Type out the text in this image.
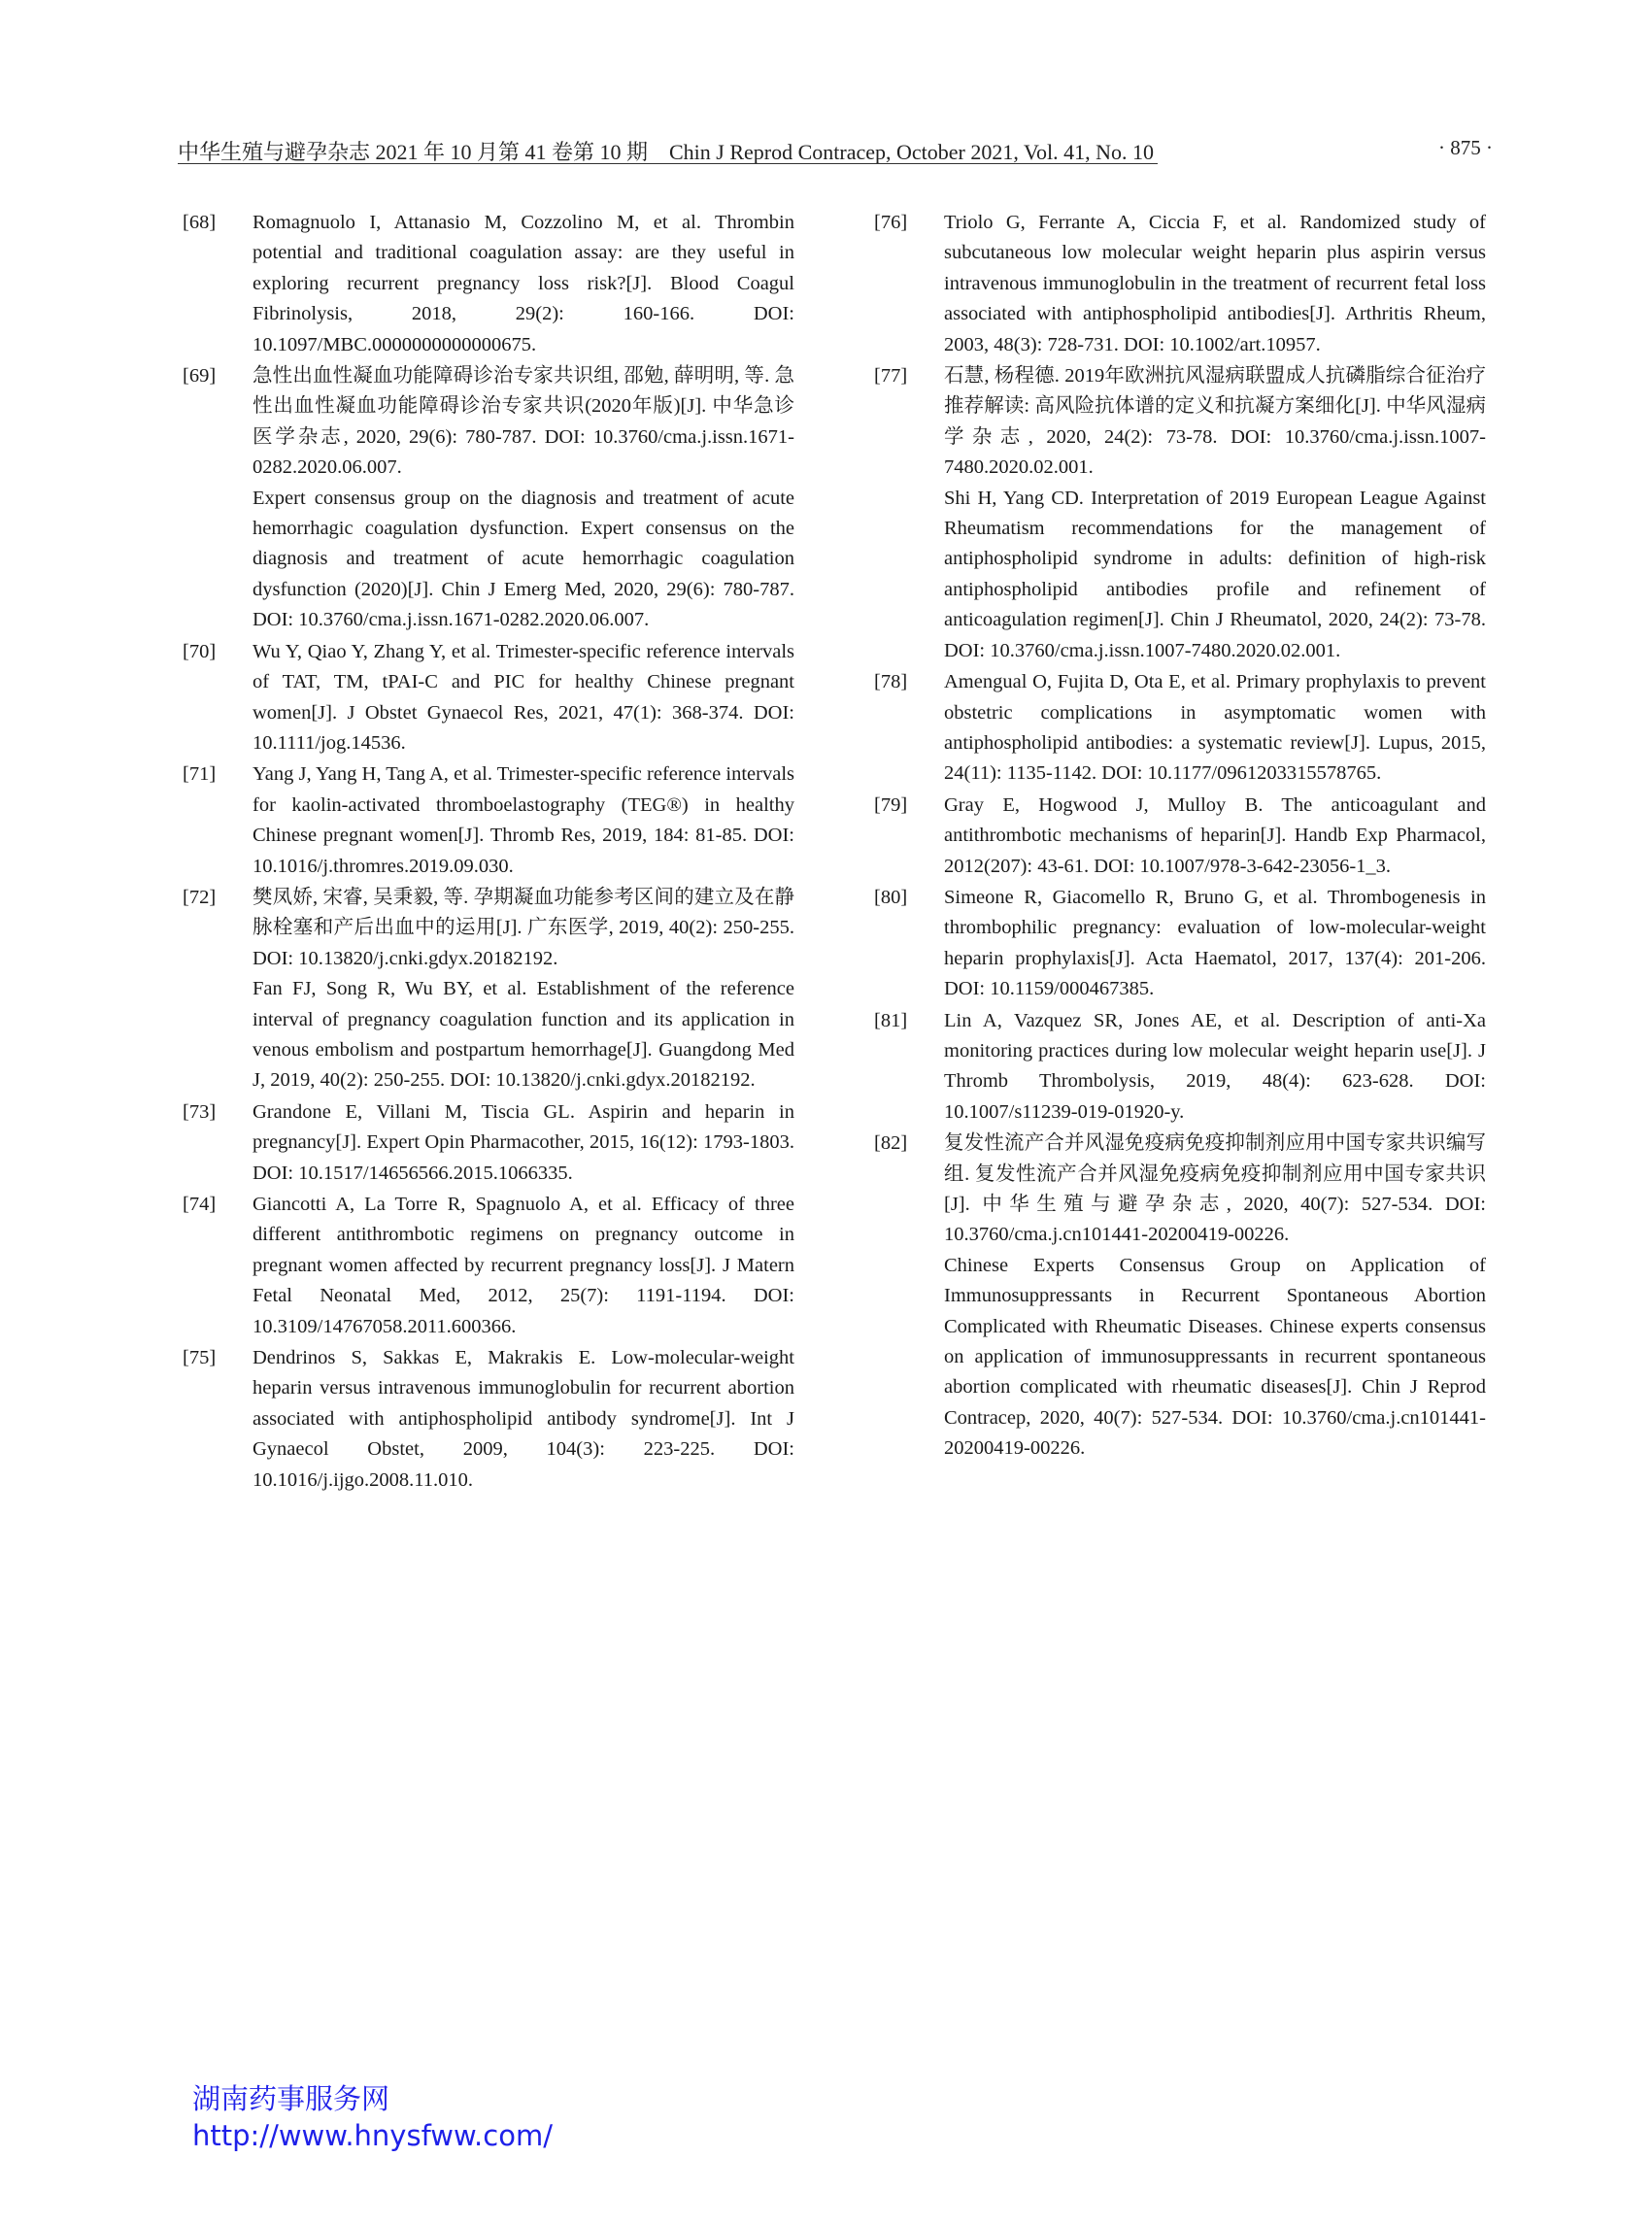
中华生殖与避孕杂志 2021 年 10 月第 41 卷第 10 期　Chin J Reprod Contracep, October 2021, Vol. 41, No. 10	· 875 ·
[68]	Romagnuolo I, Attanasio M, Cozzolino M, et al. Thrombin potential and traditional coagulation assay: are they useful in exploring recurrent pregnancy loss risk?[J]. Blood Coagul Fibrinolysis, 2018, 29(2): 160-166. DOI: 10.1097/MBC.0000000000000675.

[69]	急性出血性凝血功能障碍诊治专家共识组, 邵勉, 薛明明, 等. 急性出血性凝血功能障碍诊治专家共识(2020年版)[J]. 中华急诊医学杂志, 2020, 29(6): 780-787. DOI: 10.3760/cma.j.issn.1671-0282.2020.06.007.

Expert consensus group on the diagnosis and treatment of acute hemorrhagic coagulation dysfunction. Expert consensus on the diagnosis and treatment of acute hemorrhagic coagulation dysfunction (2020)[J]. Chin J Emerg Med, 2020, 29(6): 780-787. DOI: 10.3760/cma.j.issn.1671-0282.2020.06.007.

[70]	Wu Y, Qiao Y, Zhang Y, et al. Trimester-specific reference intervals of TAT, TM, tPAI-C and PIC for healthy Chinese pregnant women[J]. J Obstet Gynaecol Res, 2021, 47(1): 368-374. DOI: 10.1111/jog.14536.

[71]	Yang J, Yang H, Tang A, et al. Trimester-specific reference intervals for kaolin-activated thromboelastography (TEG®) in healthy Chinese pregnant women[J]. Thromb Res, 2019, 184: 81-85. DOI: 10.1016/j.thromres.2019.09.030.

[72]	樊凤娇, 宋睿, 吴秉毅, 等. 孕期凝血功能参考区间的建立及在静脉栓塞和产后出血中的运用[J]. 广东医学, 2019, 40(2): 250-255. DOI: 10.13820/j.cnki.gdyx.20182192.

Fan FJ, Song R, Wu BY, et al. Establishment of the reference interval of pregnancy coagulation function and its application in venous embolism and postpartum hemorrhage[J]. Guangdong Med J, 2019, 40(2): 250-255. DOI: 10.13820/j.cnki.gdyx.20182192.

[73]	Grandone E, Villani M, Tiscia GL. Aspirin and heparin in pregnancy[J]. Expert Opin Pharmacother, 2015, 16(12): 1793-1803. DOI: 10.1517/14656566.2015.1066335.

[74]	Giancotti A, La Torre R, Spagnuolo A, et al. Efficacy of three different antithrombotic regimens on pregnancy outcome in pregnant women affected by recurrent pregnancy loss[J]. J Matern Fetal Neonatal Med, 2012, 25(7): 1191-1194. DOI: 10.3109/14767058.2011.600366.

[75]	Dendrinos S, Sakkas E, Makrakis E. Low-molecular-weight heparin versus intravenous immunoglobulin for recurrent abortion associated with antiphospholipid antibody syndrome[J]. Int J Gynaecol Obstet, 2009, 104(3): 223-225. DOI: 10.1016/j.ijgo.2008.11.010.

[76]	Triolo G, Ferrante A, Ciccia F, et al. Randomized study of subcutaneous low molecular weight heparin plus aspirin versus intravenous immunoglobulin in the treatment of recurrent fetal loss associated with antiphospholipid antibodies[J]. Arthritis Rheum, 2003, 48(3): 728-731. DOI: 10.1002/art.10957.

[77]	石慧, 杨程德. 2019年欧洲抗风湿病联盟成人抗磷脂综合征治疗推荐解读: 高风险抗体谱的定义和抗凝方案细化[J]. 中华风湿病学杂志, 2020, 24(2): 73-78. DOI: 10.3760/cma.j.issn.1007-7480.2020.02.001.

Shi H, Yang CD. Interpretation of 2019 European League Against Rheumatism recommendations for the management of antiphospholipid syndrome in adults: definition of high-risk antiphospholipid antibodies profile and refinement of anticoagulation regimen[J]. Chin J Rheumatol, 2020, 24(2): 73-78. DOI: 10.3760/cma.j.issn.1007-7480.2020.02.001.

[78]	Amengual O, Fujita D, Ota E, et al. Primary prophylaxis to prevent obstetric complications in asymptomatic women with antiphospholipid antibodies: a systematic review[J]. Lupus, 2015, 24(11): 1135-1142. DOI: 10.1177/0961203315578765.

[79]	Gray E, Hogwood J, Mulloy B. The anticoagulant and antithrombotic mechanisms of heparin[J]. Handb Exp Pharmacol, 2012(207): 43-61. DOI: 10.1007/978-3-642-23056-1_3.

[80]	Simeone R, Giacomello R, Bruno G, et al. Thrombogenesis in thrombophilic pregnancy: evaluation of low-molecular-weight heparin prophylaxis[J]. Acta Haematol, 2017, 137(4): 201-206. DOI: 10.1159/000467385.

[81]	Lin A, Vazquez SR, Jones AE, et al. Description of anti-Xa monitoring practices during low molecular weight heparin use[J]. J Thromb Thrombolysis, 2019, 48(4): 623-628. DOI: 10.1007/s11239-019-01920-y.

[82]	复发性流产合并风湿免疫病免疫抑制剂应用中国专家共识编写组. 复发性流产合并风湿免疫病免疫抑制剂应用中国专家共识[J]. 中华生殖与避孕杂志, 2020, 40(7): 527-534. DOI: 10.3760/cma.j.cn101441-20200419-00226.

Chinese Experts Consensus Group on Application of Immunosuppressants in Recurrent Spontaneous Abortion Complicated with Rheumatic Diseases. Chinese experts consensus on application of immunosuppressants in recurrent spontaneous abortion complicated with rheumatic diseases[J]. Chin J Reprod Contracep, 2020, 40(7): 527-534. DOI: 10.3760/cma.j.cn101441-20200419-00226.

湖南药事服务网
http://www.hnysfww.com/
